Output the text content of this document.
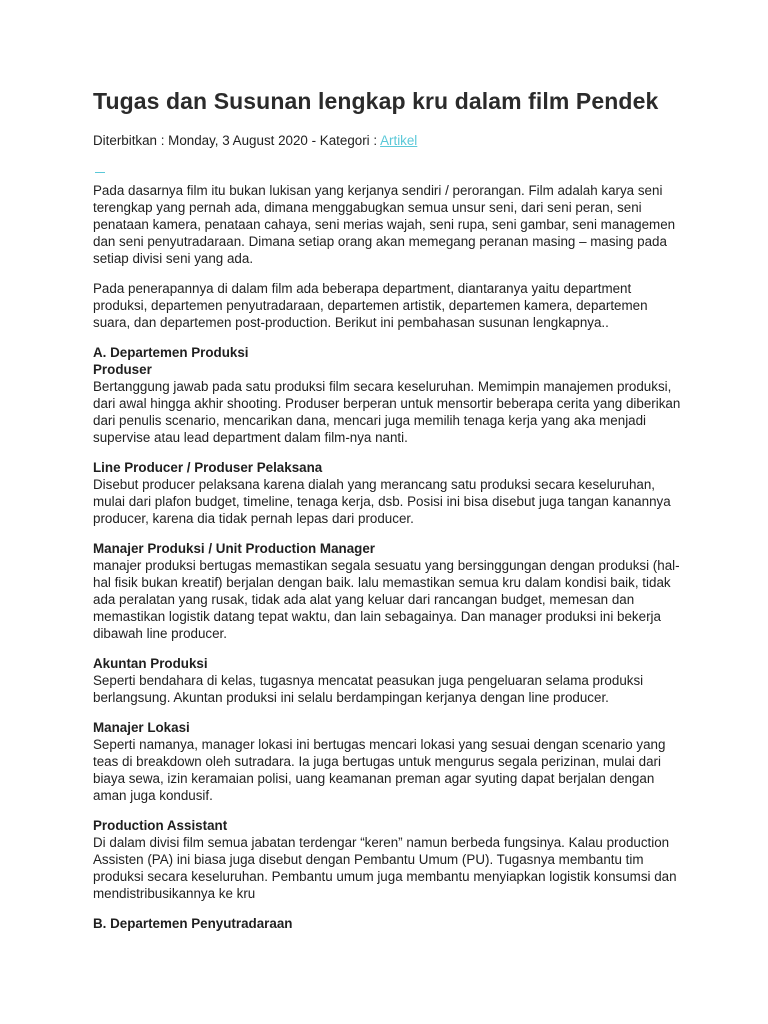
Tugas dan Susunan lengkap kru dalam film Pendek
Diterbitkan : Monday, 3 August 2020 - Kategori : Artikel

Pada dasarnya film itu bukan lukisan yang kerjanya sendiri / perorangan. Film adalah karya seni terengkap yang pernah ada, dimana menggabugkan semua unsur seni, dari seni peran, seni penataan kamera, penataan cahaya, seni merias wajah, seni rupa, seni gambar, seni managemen dan seni penyutradaraan. Dimana setiap orang akan memegang peranan masing – masing pada setiap divisi seni yang ada.

Pada penerapannya di dalam film ada beberapa department, diantaranya yaitu department produksi, departemen penyutradaraan, departemen artistik, departemen kamera, departemen suara, dan departemen post-production. Berikut ini pembahasan susunan lengkapnya..

A. Departemen Produksi
Produser
Bertanggung jawab pada satu produksi film secara keseluruhan. Memimpin manajemen produksi, dari awal hingga akhir shooting. Produser berperan untuk mensortir beberapa cerita yang diberikan dari penulis scenario, mencarikan dana, mencari juga memilih tenaga kerja yang aka menjadi supervise atau lead department dalam film-nya nanti.
Line Producer / Produser Pelaksana
Disebut producer pelaksana karena dialah yang merancang satu produksi secara keseluruhan, mulai dari plafon budget, timeline, tenaga kerja, dsb. Posisi ini bisa disebut juga tangan kanannya producer, karena dia tidak pernah lepas dari producer.
Manajer Produksi / Unit Production Manager
manajer produksi bertugas memastikan segala sesuatu yang bersinggungan dengan produksi (hal-hal fisik bukan kreatif) berjalan dengan baik. lalu memastikan semua kru dalam kondisi baik, tidak ada peralatan yang rusak, tidak ada alat yang keluar dari rancangan budget, memesan dan memastikan logistik datang tepat waktu, dan lain sebagainya. Dan manager produksi ini bekerja dibawah line producer.
Akuntan Produksi
Seperti bendahara di kelas, tugasnya mencatat peasukan juga pengeluaran selama produksi berlangsung. Akuntan produksi ini selalu berdampingan kerjanya dengan line producer.
Manajer Lokasi
Seperti namanya, manager lokasi ini bertugas mencari lokasi yang sesuai dengan scenario yang teas di breakdown oleh sutradara. Ia juga bertugas untuk mengurus segala perizinan, mulai dari biaya sewa, izin keramaian polisi, uang keamanan preman agar syuting dapat berjalan dengan aman juga kondusif.
Production Assistant
Di dalam divisi film semua jabatan terdengar “keren” namun berbeda fungsinya. Kalau production Assisten (PA) ini biasa juga disebut dengan Pembantu Umum (PU). Tugasnya membantu tim produksi secara keseluruhan. Pembantu umum juga membantu menyiapkan logistik konsumsi dan mendistribusikannya ke kru
B. Departemen Penyutradaraan
